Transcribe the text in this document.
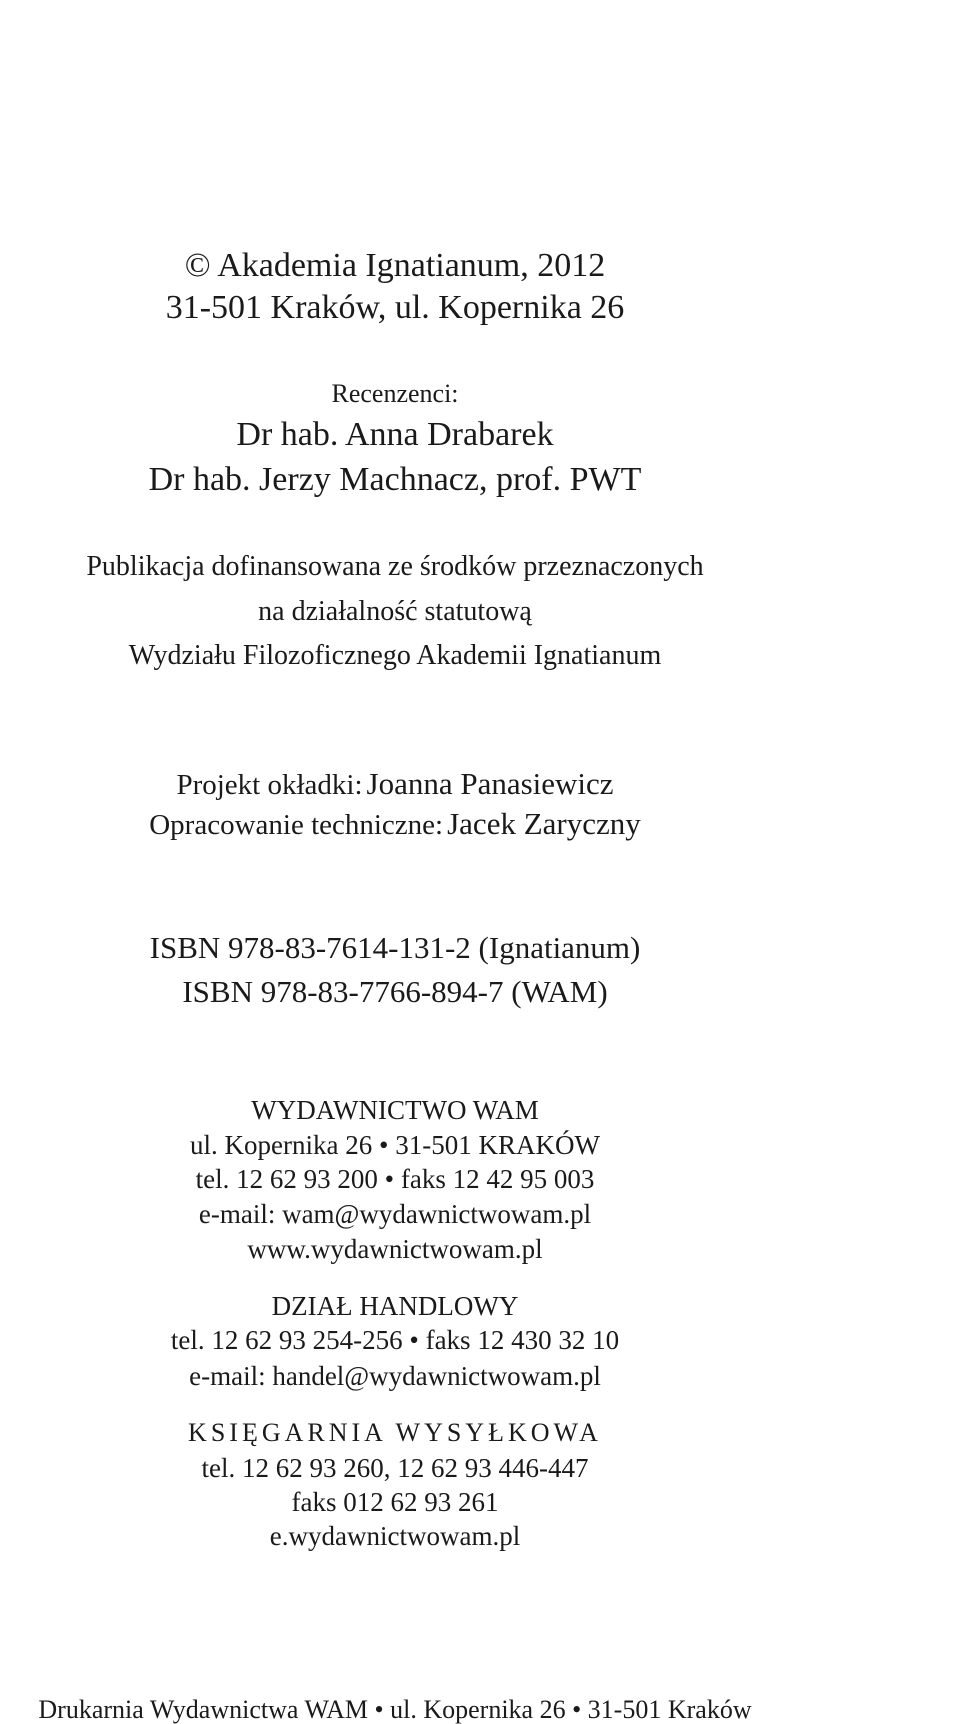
© Akademia Ignatianum, 2012
31-501 Kraków, ul. Kopernika 26
Recenzenci:
Dr hab. Anna Drabarek
Dr hab. Jerzy Machnacz, prof. PWT
Publikacja dofinansowana ze środków przeznaczonych
na działalność statutową
Wydziału Filozoficznego Akademii Ignatianum
Projekt okładki: Joanna Panasiewicz
Opracowanie techniczne: Jacek Zaryczny
ISBN 978-83-7614-131-2 (Ignatianum)
ISBN 978-83-7766-894-7 (WAM)
WYDAWNICTWO WAM
ul. Kopernika 26 • 31-501 KRAKÓW
tel. 12 62 93 200 • faks 12 42 95 003
e-mail: wam@wydawnictwowam.pl
www.wydawnictwowam.pl
DZIAŁ HANDLOWY
tel. 12 62 93 254-256 • faks 12 430 32 10
e-mail: handel@wydawnictwowam.pl
KSIĘGARNIA WYSYŁKOWA
tel. 12 62 93 260, 12 62 93 446-447
faks 012 62 93 261
e.wydawnictwowam.pl
Drukarnia Wydawnictwa WAM • ul. Kopernika 26 • 31-501 Kraków
